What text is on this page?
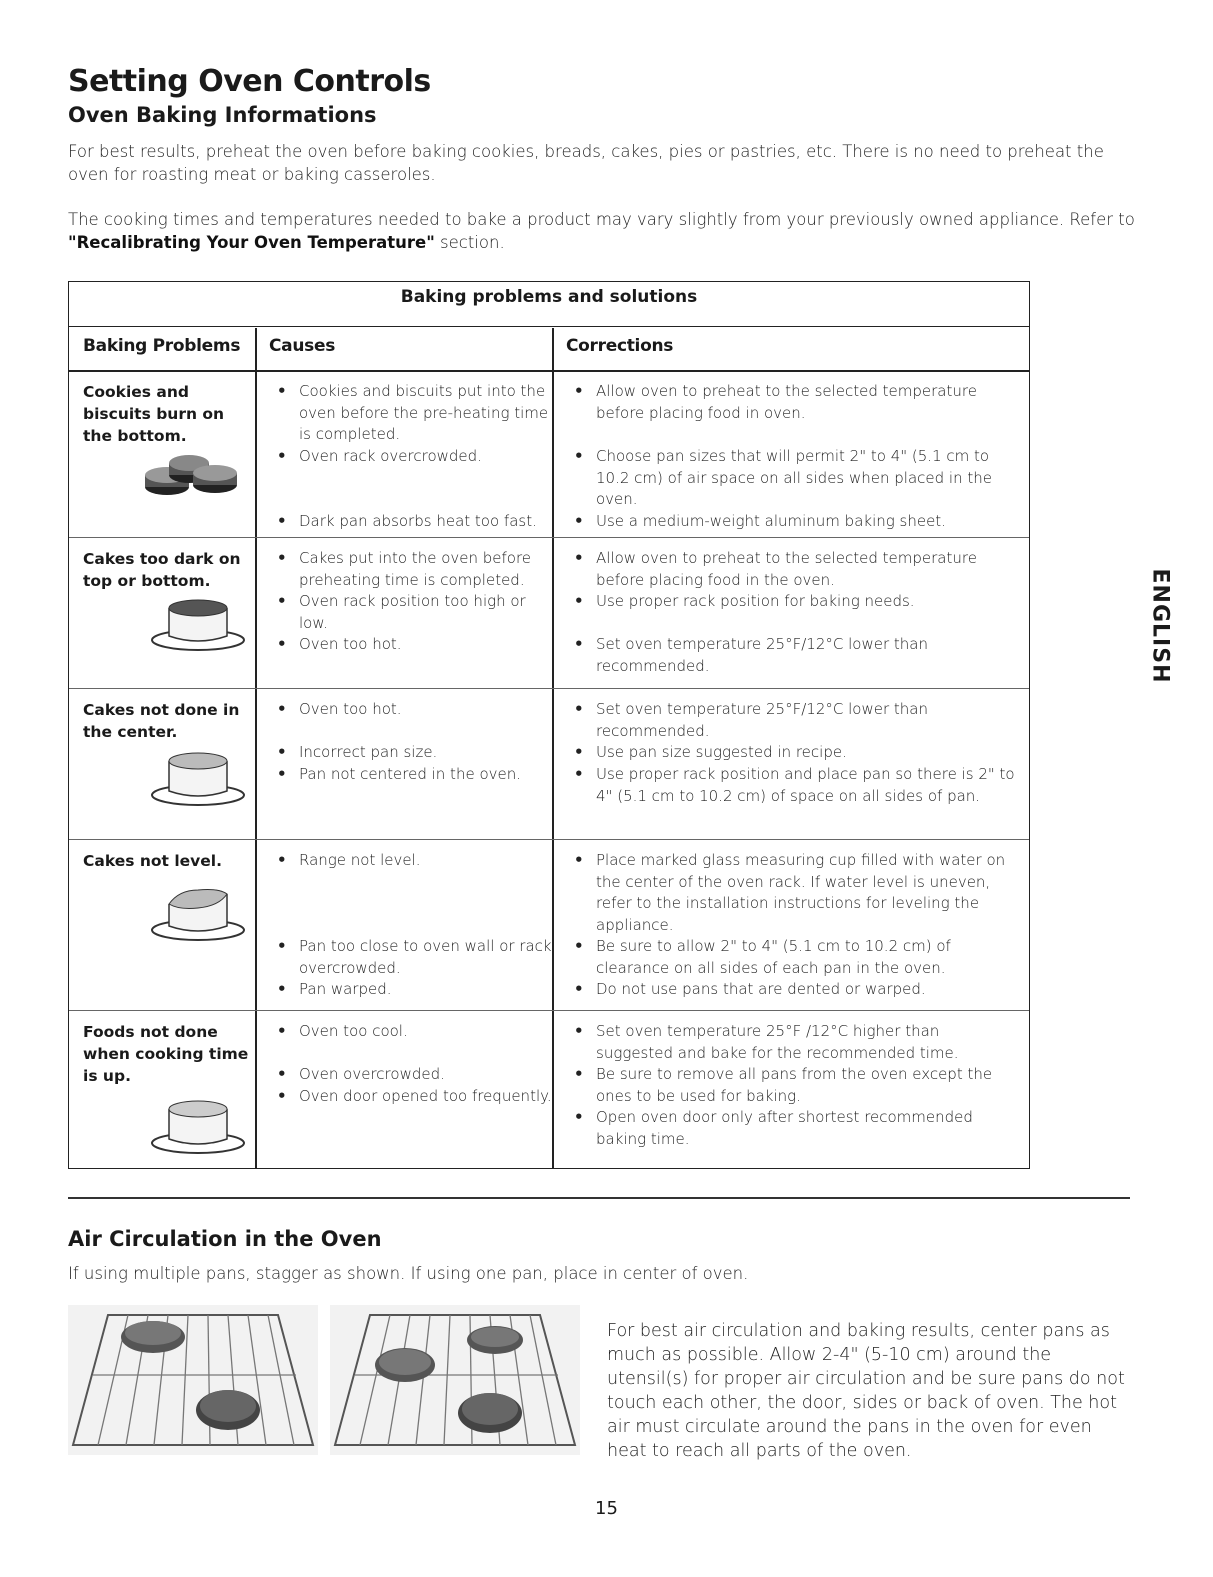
Setting Oven Controls
Oven Baking Informations
For best results, preheat the oven before baking cookies, breads, cakes, pies or pastries, etc. There is no need to preheat the oven for roasting meat or baking casseroles.
The cooking times and temperatures needed to bake a product may vary slightly from your previously owned appliance. Refer to "Recalibrating Your Oven Temperature" section.
Baking problems and solutions
Baking Problems	Causes	Corrections
Cookies and biscuits burn on the bottom.
• Cookies and biscuits put into the oven before the pre-heating time is completed.
• Oven rack overcrowded.
• Dark pan absorbs heat too fast.
• Allow oven to preheat to the selected temperature before placing food in oven.
• Choose pan sizes that will permit 2" to 4" (5.1 cm to 10.2 cm) of air space on all sides when placed in the oven.
• Use a medium-weight aluminum baking sheet.
Cakes too dark on top or bottom.
• Cakes put into the oven before preheating time is completed.
• Oven rack position too high or low.
• Oven too hot.
• Allow oven to preheat to the selected temperature before placing food in the oven.
• Use proper rack position for baking needs.
• Set oven temperature 25°F/12°C lower than recommended.
Cakes not done in the center.
• Oven too hot.
• Incorrect pan size.
• Pan not centered in the oven.
• Set oven temperature 25°F/12°C lower than recommended.
• Use pan size suggested in recipe.
• Use proper rack position and place pan so there is 2" to 4" (5.1 cm to 10.2 cm) of space on all sides of pan.
Cakes not level.
•	Range not level.
• Pan too close to oven wall or rack overcrowded.
• Pan warped.
• Place marked glass measuring cup filled with water on the center of the oven rack. If water level is uneven, refer to the installation instructions for leveling the appliance.
• Be sure to allow 2" to 4" (5.1 cm to 10.2 cm) of clearance on all sides of each pan in the oven.
• Do not use pans that are dented or warped.
Foods not done when cooking time is up.
• Oven too cool.
• Oven overcrowded.
• Oven door opened too frequently.
• Set oven temperature 25°F /12°C higher than suggested and bake for the recommended time.
• Be sure to remove all pans from the oven except the ones to be used for baking.
• Open oven door only after shortest recommended baking time.
ENGLISH
Air Circulation in the Oven
If using multiple pans, stagger as shown. If using one pan, place in center of oven.
For best air circulation and baking results, center pans as much as possible. Allow 2-4" (5-10 cm) around the utensil(s) for proper air circulation and be sure pans do not touch each other, the door, sides or back of oven. The hot air must circulate around the pans in the oven for even heat to reach all parts of the oven.
15
